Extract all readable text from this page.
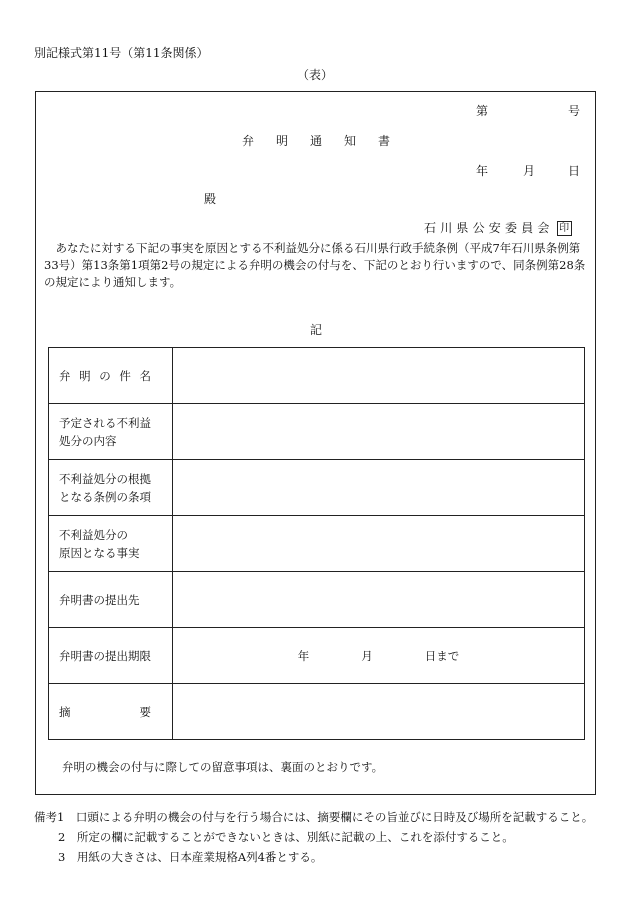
別記様式第11号（第11条関係）
（表）
第	号
弁明通知書
年	月	日
殿
石川県公安委員会 印
あなたに対する下記の事実を原因とする不利益処分に係る石川県行政手続条例（平成7年石川県条例第33号）第13条第1項第2号の規定による弁明の機会の付与を、下記のとおり行いますので、同条例第28条の規定により通知します。
記
弁 明 の 件 名	

予定される不利益
処分の内容	

不利益処分の根拠
となる条例の条項	

不利益処分の
原因となる事実	

弁明書の提出先	

弁明書の提出期限	年 月 日まで

摘 要	

弁明の機会の付与に際しての留意事項は、裏面のとおりです。
備考1　口頭による弁明の機会の付与を行う場合には、摘要欄にその旨並びに日時及び場所を記載すること。
2　所定の欄に記載することができないときは、別紙に記載の上、これを添付すること。
3　用紙の大きさは、日本産業規格A列4番とする。
